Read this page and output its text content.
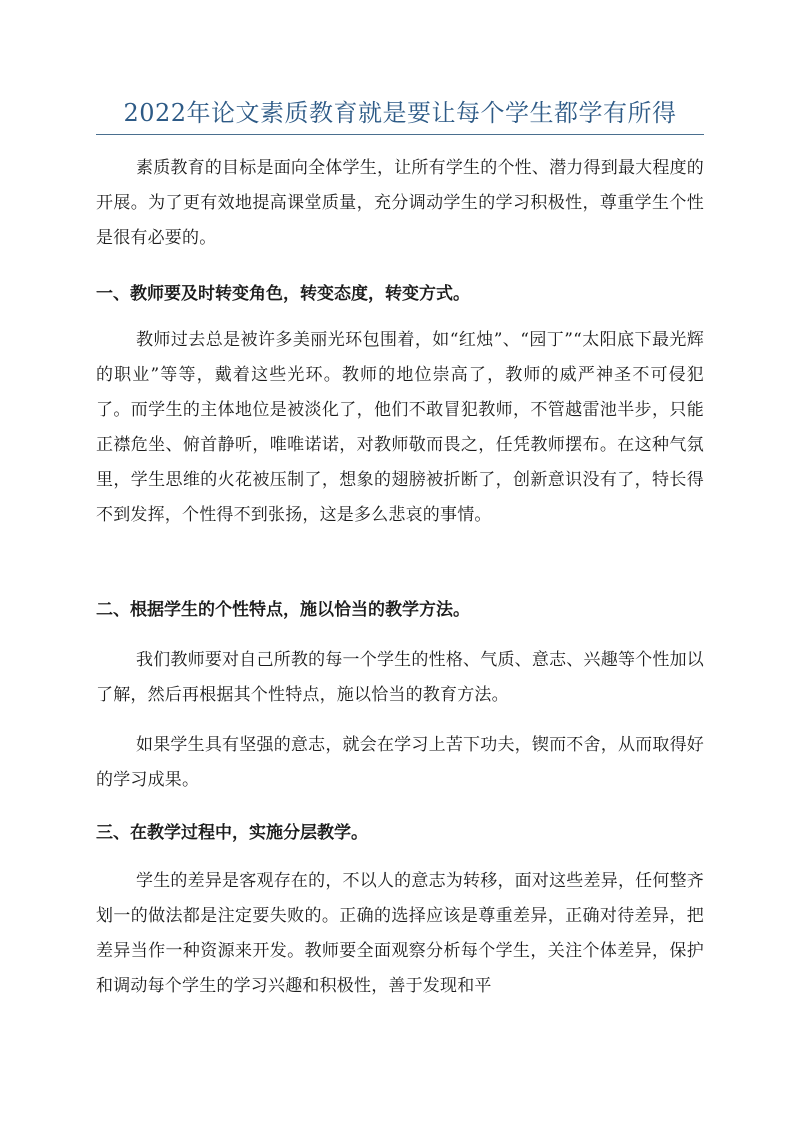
2022年论文素质教育就是要让每个学生都学有所得
素质教育的目标是面向全体学生，让所有学生的个性、潜力得到最大程度的开展。为了更有效地提高课堂质量，充分调动学生的学习积极性，尊重学生个性是很有必要的。
一、教师要及时转变角色，转变态度，转变方式。
教师过去总是被许多美丽光环包围着，如“红烛”、“园丁”“太阳底下最光辉的职业”等等，戴着这些光环。教师的地位崇高了，教师的威严神圣不可侵犯了。而学生的主体地位是被淡化了，他们不敢冒犯教师，不管越雷池半步，只能正襟危坐、俯首静听，唯唯诺诺，对教师敬而畏之，任凭教师摆布。在这种气氛里，学生思维的火花被压制了，想象的翅膀被折断了，创新意识没有了，特长得不到发挥，个性得不到张扬，这是多么悲哀的事情。
二、根据学生的个性特点，施以恰当的教学方法。
我们教师要对自己所教的每一个学生的性格、气质、意志、兴趣等个性加以了解，然后再根据其个性特点，施以恰当的教育方法。
如果学生具有坚强的意志，就会在学习上苦下功夫，锲而不舍，从而取得好的学习成果。
三、在教学过程中，实施分层教学。
学生的差异是客观存在的，不以人的意志为转移，面对这些差异，任何整齐划一的做法都是注定要失败的。正确的选择应该是尊重差异，正确对待差异，把差异当作一种资源来开发。教师要全面观察分析每个学生，关注个体差异，保护和调动每个学生的学习兴趣和积极性，善于发现和平
